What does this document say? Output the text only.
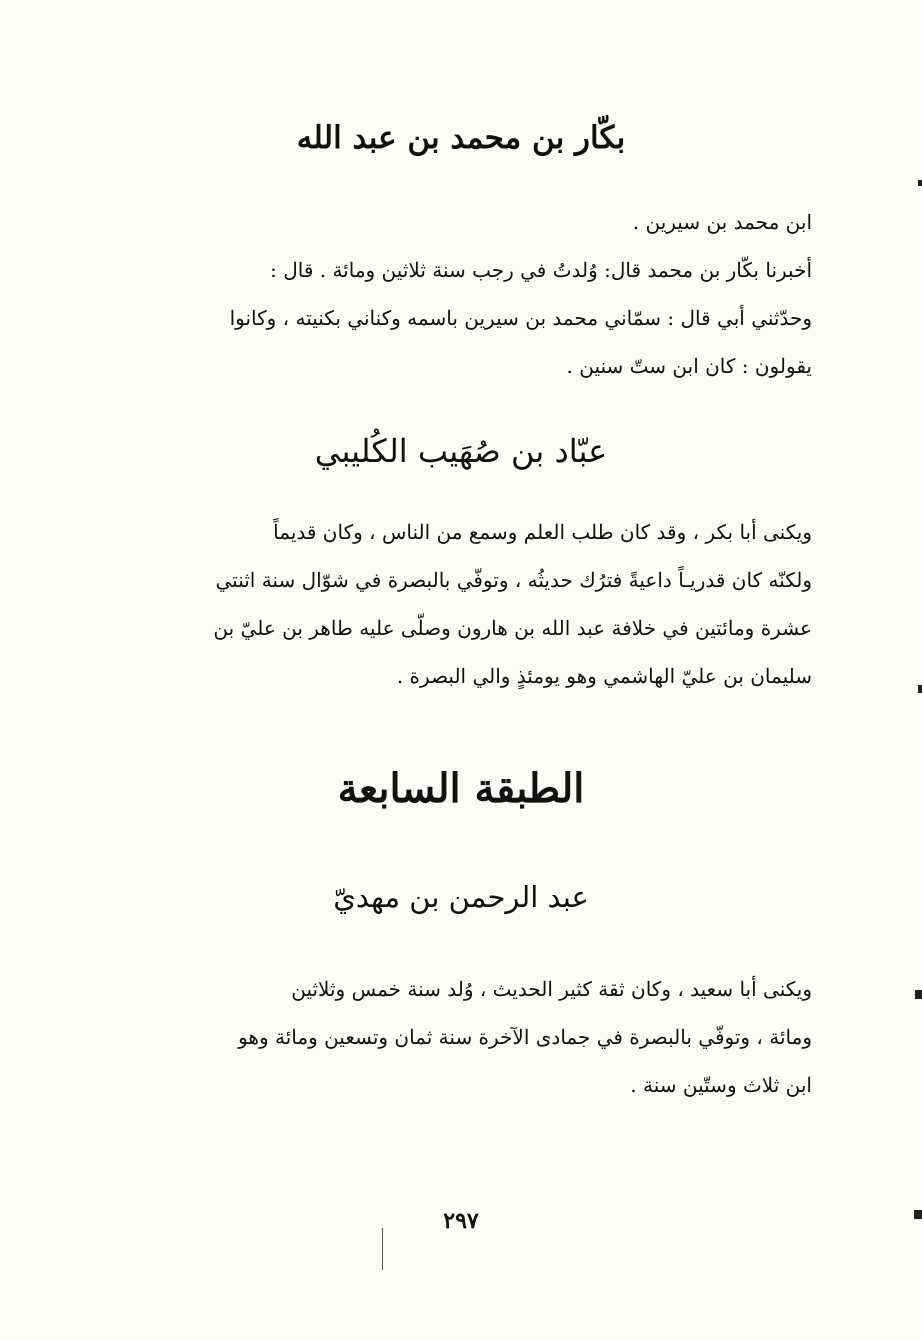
بكّار بن محمد بن عبد الله
ابن محمد بن سيرين .
أخبرنا بكّار بن محمد قال: وُلدتُ في رجب سنة ثلاثين ومائة . قال :
وحدّثني أبي قال : سمّاني محمد بن سيرين باسمه وكناني بكنيته ، وكانوا
يقولون : كان ابن ستّ سنين .
عبّاد بن صُهَيب الكُليبي
ويكنى أبا بكر ، وقد كان طلب العلم وسمع من الناس ، وكان قديماً
ولكنّه كان قدريـاً داعيةً فترُك حديثُه ، وتوفّي بالبصرة في شوّال سنة اثنتي
عشرة ومائتين في خلافة عبد الله بن هارون وصلّى عليه طاهر بن عليّ بن
سليمان بن عليّ الهاشمي وهو يومئذٍ والي البصرة .
الطبقة السابعة
عبد الرحمن بن مهديّ
ويكنى أبا سعيد ، وكان ثقة كثير الحديث ، وُلد سنة خمس وثلاثين
ومائة ، وتوفّي بالبصرة في جمادى الآخرة سنة ثمان وتسعين ومائة وهو
ابن ثلاث وستّين سنة .
٢٩٧
